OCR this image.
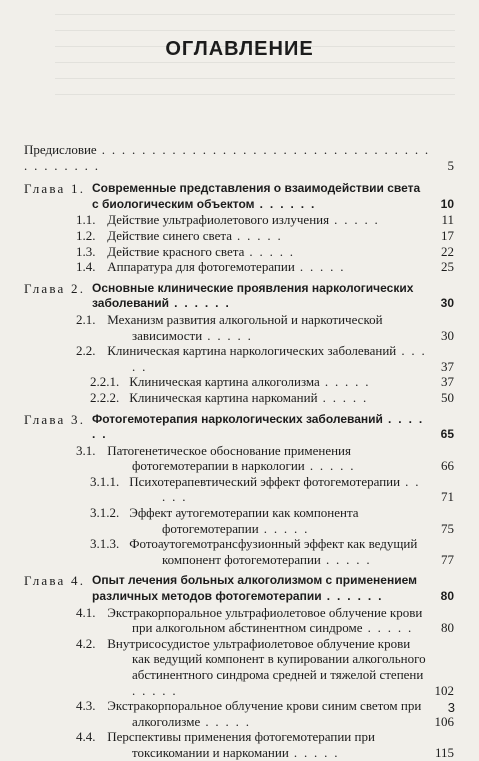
ОГЛАВЛЕНИЕ
Предисловие . . . . . . . . . . . . . . . . . . . . . . . . . . . . . . . . . . . . . . . . .	5
Глава 1. Современные представления о взаимодействии света с биологическим объектом . . . . . .	10
1.1. Действие ультрафиолетового излучения . . . . .	11
1.2. Действие синего света . . . . .	17
1.3. Действие красного света . . . . .	22
1.4. Аппаратура для фотогемотерапии . . . . .	25
Глава 2. Основные клинические проявления наркологических заболеваний . . . . . .	30
2.1. Механизм развития алкогольной и наркотической зависимости . . . . .	30
2.2. Клиническая картина наркологических заболеваний . . . . .	37
2.2.1. Клиническая картина алкоголизма . . . . .	37
2.2.2. Клиническая картина наркоманий . . . . .	50
Глава 3. Фотогемотерапия наркологических заболеваний . . . . . .	65
3.1. Патогенетическое обоснование применения фотогемотерапии в наркологии . . . . .	66
3.1.1. Психотерапевтический эффект фотогемотерапии . . . . .	71
3.1.2. Эффект аутогемотерапии как компонента фотогемотерапии . . . . .	75
3.1.3. Фотоаутогемотрансфузионный эффект как ведущий компонент фотогемотерапии . . . . .	77
Глава 4. Опыт лечения больных алкоголизмом с применением различных методов фотогемотерапии . . . . . .	80
4.1. Экстракорпоральное ультрафиолетовое облучение крови при алкогольном абстинентном синдроме . . . . .	80
4.2. Внутрисосудистое ультрафиолетовое облучение крови как ведущий компонент в купировании алкогольного абстинентного синдрома средней и тяжелой степени . . . . .	102
4.3. Экстракорпоральное облучение крови синим светом при алкоголизме . . . . .	106
4.4. Перспективы применения фотогемотерапии при токсикомании и наркомании . . . . .	115
3
